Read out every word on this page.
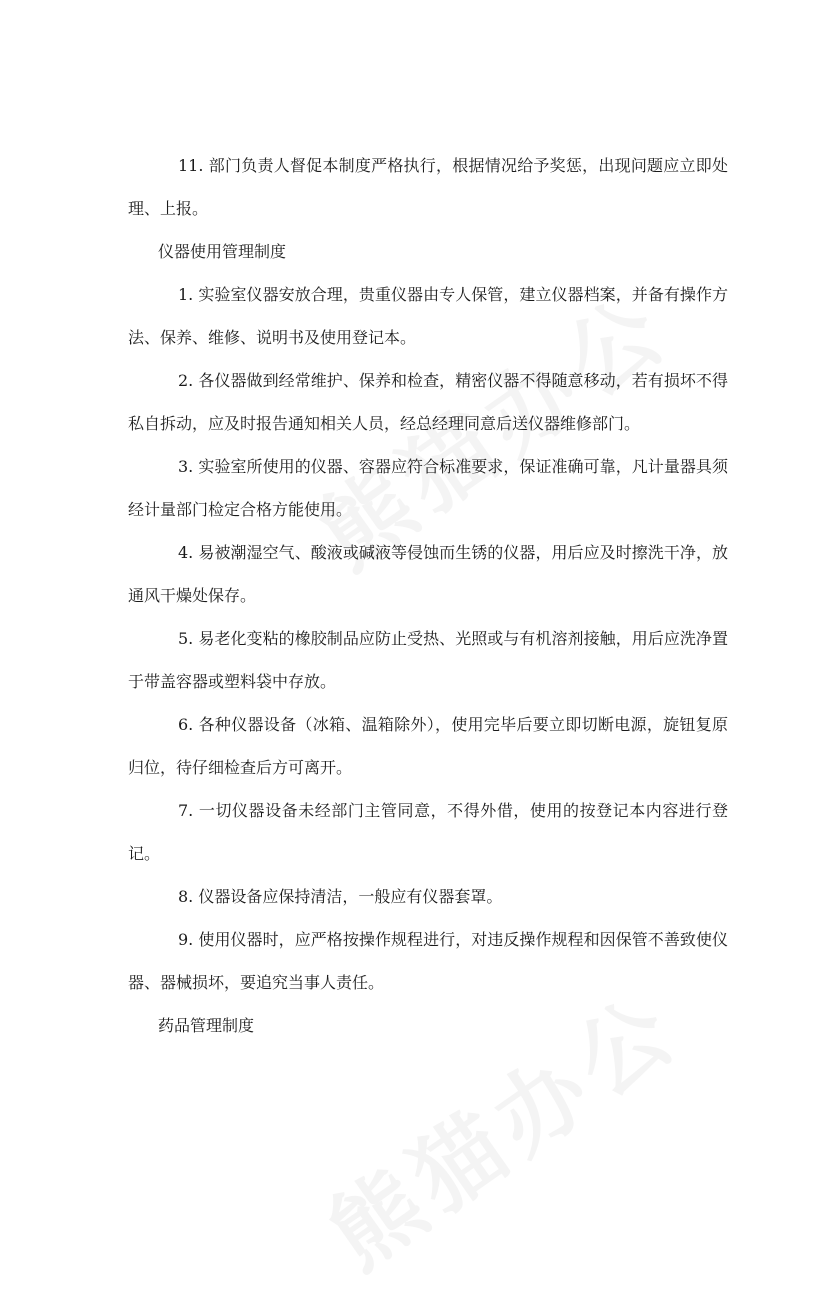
11. 部门负责人督促本制度严格执行，根据情况给予奖惩，出现问题应立即处理、上报。

仪器使用管理制度

1. 实验室仪器安放合理，贵重仪器由专人保管，建立仪器档案，并备有操作方法、保养、维修、说明书及使用登记本。

2. 各仪器做到经常维护、保养和检查，精密仪器不得随意移动，若有损坏不得私自拆动，应及时报告通知相关人员，经总经理同意后送仪器维修部门。

3. 实验室所使用的仪器、容器应符合标准要求，保证准确可靠，凡计量器具须经计量部门检定合格方能使用。

4. 易被潮湿空气、酸液或碱液等侵蚀而生锈的仪器，用后应及时擦洗干净，放通风干燥处保存。

5. 易老化变粘的橡胶制品应防止受热、光照或与有机溶剂接触，用后应洗净置于带盖容器或塑料袋中存放。

6. 各种仪器设备（冰箱、温箱除外），使用完毕后要立即切断电源，旋钮复原归位，待仔细检查后方可离开。

7. 一切仪器设备未经部门主管同意，不得外借，使用的按登记本内容进行登记。

8. 仪器设备应保持清洁，一般应有仪器套罩。

9. 使用仪器时，应严格按操作规程进行，对违反操作规程和因保管不善致使仪器、器械损坏，要追究当事人责任。

药品管理制度
